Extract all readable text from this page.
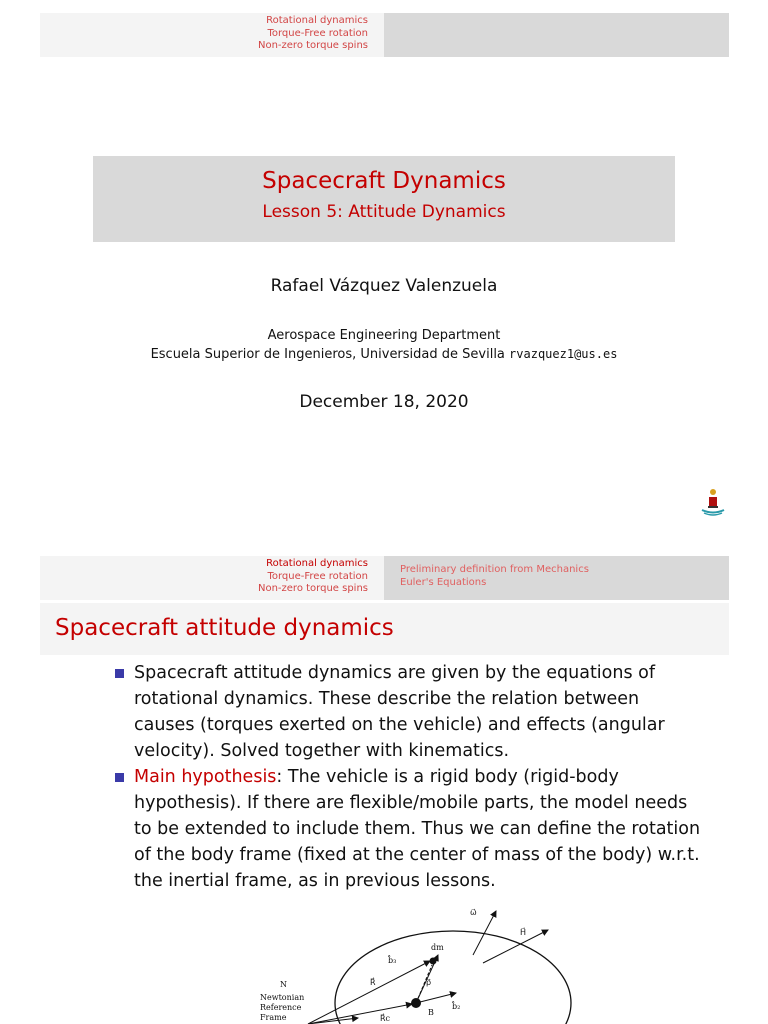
Rotational dynamics
Torque-Free rotation
Non-zero torque spins
Spacecraft Dynamics
Lesson 5: Attitude Dynamics
Rafael Vázquez Valenzuela
Aerospace Engineering Department
Escuela Superior de Ingenieros, Universidad de Sevilla rvazquez1@us.es
December 18, 2020
Rotational dynamics
Torque-Free rotation
Non-zero torque spins
Preliminary definition from Mechanics
Euler's Equations
Spacecraft attitude dynamics
Spacecraft attitude dynamics are given by the equations of rotational dynamics. These describe the relation between causes (torques exerted on the vehicle) and effects (angular velocity). Solved together with kinematics.
Main hypothesis: The vehicle is a rigid body (rigid-body hypothesis). If there are flexible/mobile parts, the model needs to be extended to include them. Thus we can define the rotation of the body frame (fixed at the center of mass of the body) w.r.t. the inertial frame, as in previous lessons.
ω⃗
H⃗
dm
b̂₃
R⃗	ρ⃗
b̂₂
N
Newtonian
Reference
Frame	R⃗c
B
